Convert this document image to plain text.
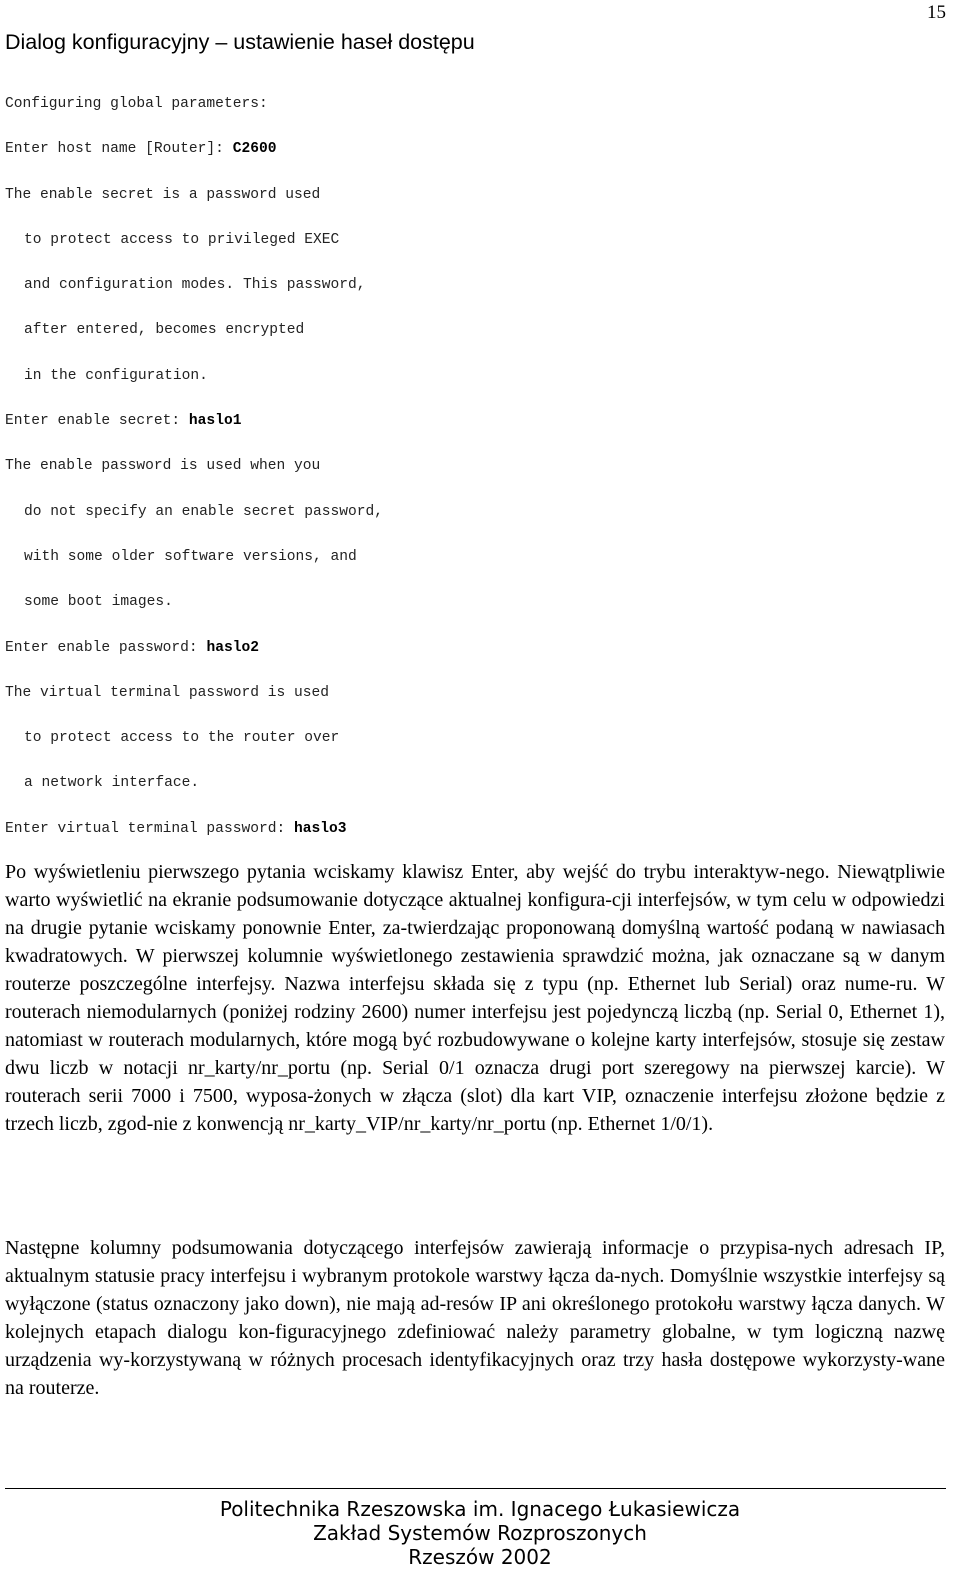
15
Dialog konfiguracyjny – ustawienie haseł dostępu
Configuring global parameters:
Enter host name [Router]: C2600
The enable secret is a password used
to protect access to privileged EXEC
and configuration modes. This password,
after entered, becomes encrypted
in the configuration.
Enter enable secret: haslo1
The enable password is used when you
do not specify an enable secret password,
with some older software versions, and
some boot images.
Enter enable password: haslo2
The virtual terminal password is used
to protect access to the router over
a network interface.
Enter virtual terminal password: haslo3

Po wyświetleniu pierwszego pytania wciskamy klawisz Enter, aby wejść do trybu interaktyw-nego. Niewątpliwie warto wyświetlić na ekranie podsumowanie dotyczące aktualnej konfigura-cji interfejsów, w tym celu w odpowiedzi na drugie pytanie wciskamy ponownie Enter, za-twierdzając proponowaną domyślną wartość podaną w nawiasach kwadratowych. W pierwszej kolumnie wyświetlonego zestawienia sprawdzić można, jak oznaczane są w danym routerze poszczególne interfejsy. Nazwa interfejsu składa się z typu (np. Ethernet lub Serial) oraz nume-ru. W routerach niemodularnych (poniżej rodziny 2600) numer interfejsu jest pojedynczą liczbą (np. Serial 0, Ethernet 1), natomiast w routerach modularnych, które mogą być rozbudowywane o kolejne karty interfejsów, stosuje się zestaw dwu liczb w notacji nr_karty/nr_portu (np. Serial 0/1 oznacza drugi port szeregowy na pierwszej karcie). W routerach serii 7000 i 7500, wyposa-żonych w złącza (slot) dla kart VIP, oznaczenie interfejsu złożone będzie z trzech liczb, zgod-nie z konwencją nr_karty_VIP/nr_karty/nr_portu (np. Ethernet 1/0/1).

Następne kolumny podsumowania dotyczącego interfejsów zawierają informacje o przypisa-nych adresach IP, aktualnym statusie pracy interfejsu i wybranym protokole warstwy łącza da-nych. Domyślnie wszystkie interfejsy są wyłączone (status oznaczony jako down), nie mają ad-resów IP ani określonego protokołu warstwy łącza danych. W kolejnych etapach dialogu kon-figuracyjnego zdefiniować należy parametry globalne, w tym logiczną nazwę urządzenia wy-korzystywaną w różnych procesach identyfikacyjnych oraz trzy hasła dostępowe wykorzysty-wane na routerze.

Politechnika Rzeszowska im. Ignacego Łukasiewicza
Zakład Systemów Rozproszonych
Rzeszów 2002
